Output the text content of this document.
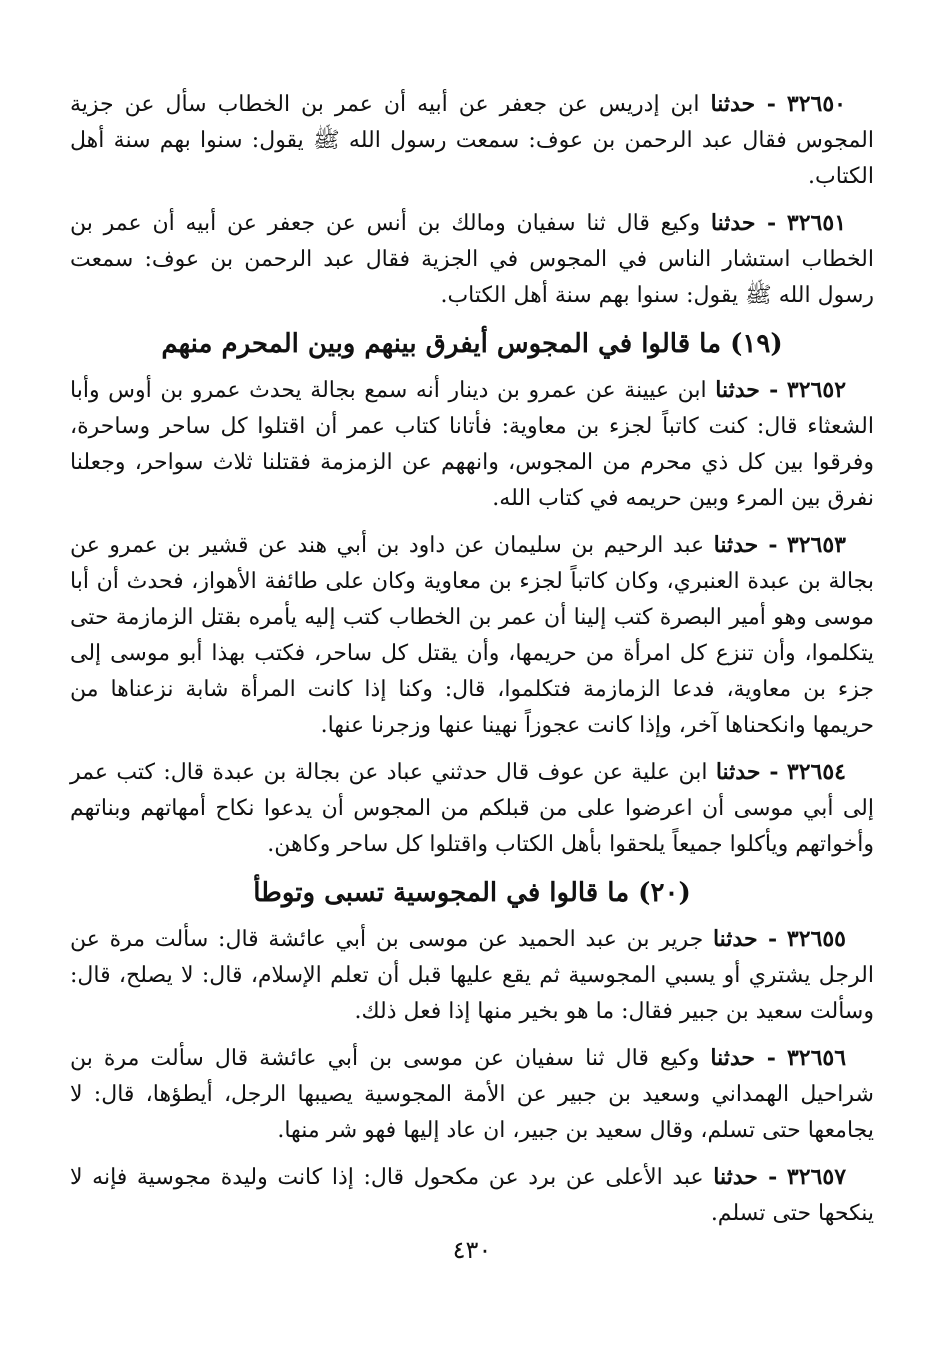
٣٢٦٥٠ - حدثنا ابن إدريس عن جعفر عن أبيه أن عمر بن الخطاب سأل عن جزية المجوس فقال عبد الرحمن بن عوف: سمعت رسول الله ﷺ يقول: سنوا بهم سنة أهل الكتاب.

٣٢٦٥١ - حدثنا وكيع قال ثنا سفيان ومالك بن أنس عن جعفر عن أبيه أن عمر بن الخطاب استشار الناس في المجوس في الجزية فقال عبد الرحمن بن عوف: سمعت رسول الله ﷺ يقول: سنوا بهم سنة أهل الكتاب.

(١٩) ما قالوا في المجوس أيفرق بينهم وبين المحرم منهم

٣٢٦٥٢ - حدثنا ابن عيينة عن عمرو بن دينار أنه سمع بجالة يحدث عمرو بن أوس وأبا الشعثاء قال: كنت كاتباً لجزء بن معاوية: فأتانا كتاب عمر أن اقتلوا كل ساحر وساحرة، وفرقوا بين كل ذي محرم من المجوس، وانههم عن الزمزمة فقتلنا ثلاث سواحر، وجعلنا نفرق بين المرء وبين حريمه في كتاب الله.

٣٢٦٥٣ - حدثنا عبد الرحيم بن سليمان عن داود بن أبي هند عن قشير بن عمرو عن بجالة بن عبدة العنبري، وكان كاتباً لجزء بن معاوية وكان على طائفة الأهواز، فحدث أن أبا موسى وهو أمير البصرة كتب إلينا أن عمر بن الخطاب كتب إليه يأمره بقتل الزمازمة حتى يتكلموا، وأن تنزع كل امرأة من حريمها، وأن يقتل كل ساحر، فكتب بهذا أبو موسى إلى جزء بن معاوية، فدعا الزمازمة فتكلموا، قال: وكنا إذا كانت المرأة شابة نزعناها من حريمها وانكحناها آخر، وإذا كانت عجوزاً نهينا عنها وزجرنا عنها.

٣٢٦٥٤ - حدثنا ابن علية عن عوف قال حدثني عباد عن بجالة بن عبدة قال: كتب عمر إلى أبي موسى أن اعرضوا على من قبلكم من المجوس أن يدعوا نكاح أمهاتهم وبناتهم وأخواتهم ويأكلوا جميعاً يلحقوا بأهل الكتاب واقتلوا كل ساحر وكاهن.

(٢٠) ما قالوا في المجوسية تسبى وتوطأ

٣٢٦٥٥ - حدثنا جرير بن عبد الحميد عن موسى بن أبي عائشة قال: سألت مرة عن الرجل يشتري أو يسبي المجوسية ثم يقع عليها قبل أن تعلم الإسلام، قال: لا يصلح، قال: وسألت سعيد بن جبير فقال: ما هو بخير منها إذا فعل ذلك.

٣٢٦٥٦ - حدثنا وكيع قال ثنا سفيان عن موسى بن أبي عائشة قال سألت مرة بن شراحيل الهمداني وسعيد بن جبير عن الأمة المجوسية يصيبها الرجل، أيطؤها، قال: لا يجامعها حتى تسلم، وقال سعيد بن جبير، ان عاد إليها فهو شر منها.

٣٢٦٥٧ - حدثنا عبد الأعلى عن برد عن مكحول قال: إذا كانت وليدة مجوسية فإنه لا ينكحها حتى تسلم.

٤٣٠
